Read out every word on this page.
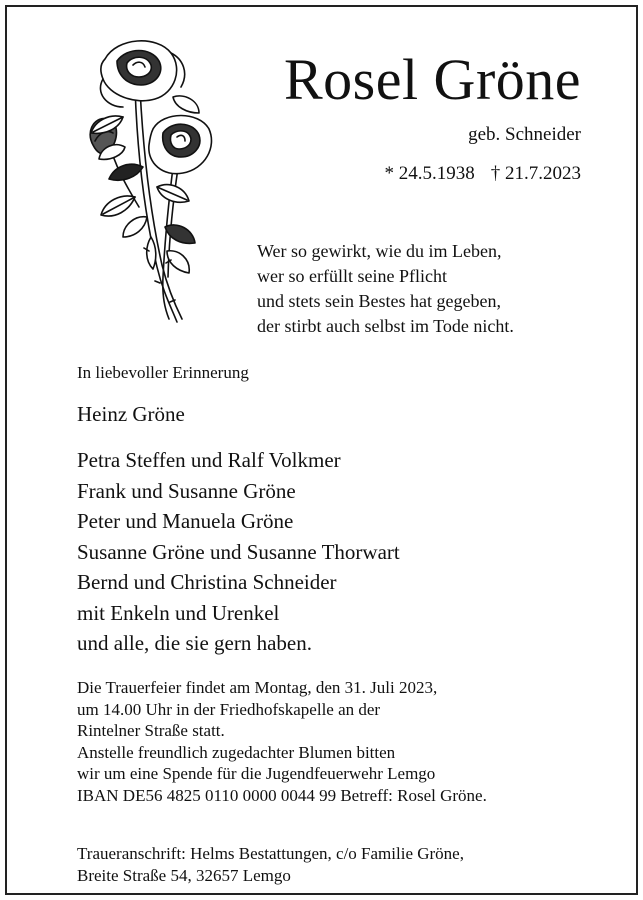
Rosel Gröne
geb. Schneider
* 24.5.1938 † 21.7.2023
Wer so gewirkt, wie du im Leben,
wer so erfüllt seine Pflicht
und stets sein Bestes hat gegeben,
der stirbt auch selbst im Tode nicht.
In liebevoller Erinnerung
Heinz Gröne
Petra Steffen und Ralf Volkmer
Frank und Susanne Gröne
Peter und Manuela Gröne
Susanne Gröne und Susanne Thorwart
Bernd und Christina Schneider
mit Enkeln und Urenkel
und alle, die sie gern haben.
Die Trauerfeier findet am Montag, den 31. Juli 2023,
um 14.00 Uhr in der Friedhofskapelle an der
Rintelner Straße statt.
Anstelle freundlich zugedachter Blumen bitten
wir um eine Spende für die Jugendfeuerwehr Lemgo
IBAN DE56 4825 0110 0000 0044 99 Betreff: Rosel Gröne.
Traueranschrift: Helms Bestattungen, c/o Familie Gröne,
Breite Straße 54, 32657 Lemgo
